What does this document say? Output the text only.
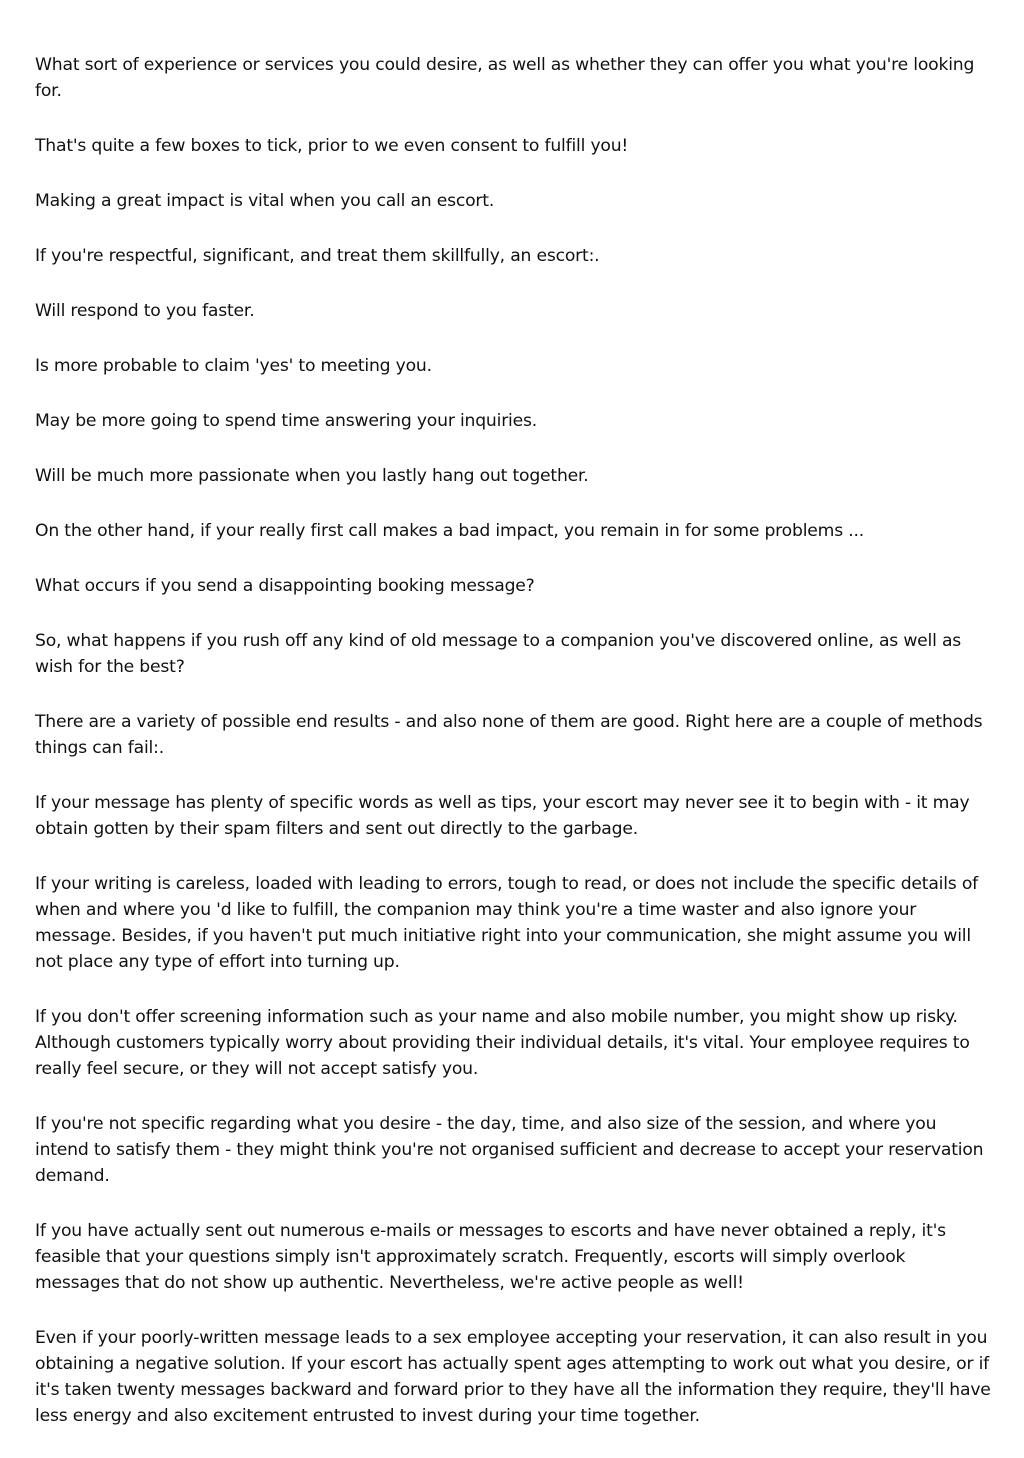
What sort of experience or services you could desire, as well as whether they can offer you what you're looking for.

That's quite a few boxes to tick, prior to we even consent to fulfill you!

Making a great impact is vital when you call an escort.

If you're respectful, significant, and treat them skillfully, an escort:.

Will respond to you faster.

Is more probable to claim 'yes' to meeting you.

May be more going to spend time answering your inquiries.

Will be much more passionate when you lastly hang out together.

On the other hand, if your really first call makes a bad impact, you remain in for some problems ...

What occurs if you send a disappointing booking message?

So, what happens if you rush off any kind of old message to a companion you've discovered online, as well as wish for the best?

There are a variety of possible end results - and also none of them are good. Right here are a couple of methods things can fail:.

If your message has plenty of specific words as well as tips, your escort may never see it to begin with - it may obtain gotten by their spam filters and sent out directly to the garbage.

If your writing is careless, loaded with leading to errors, tough to read, or does not include the specific details of when and where you 'd like to fulfill, the companion may think you're a time waster and also ignore your message. Besides, if you haven't put much initiative right into your communication, she might assume you will not place any type of effort into turning up.

If you don't offer screening information such as your name and also mobile number, you might show up risky. Although customers typically worry about providing their individual details, it's vital. Your employee requires to really feel secure, or they will not accept satisfy you.

If you're not specific regarding what you desire - the day, time, and also size of the session, and where you intend to satisfy them - they might think you're not organised sufficient and decrease to accept your reservation demand.

If you have actually sent out numerous e-mails or messages to escorts and have never obtained a reply, it's feasible that your questions simply isn't approximately scratch. Frequently, escorts will simply overlook messages that do not show up authentic. Nevertheless, we're active people as well!

Even if your poorly-written message leads to a sex employee accepting your reservation, it can also result in you obtaining a negative solution. If your escort has actually spent ages attempting to work out what you desire, or if it's taken twenty messages backward and forward prior to they have all the information they require, they'll have less energy and also excitement entrusted to invest during your time together.
